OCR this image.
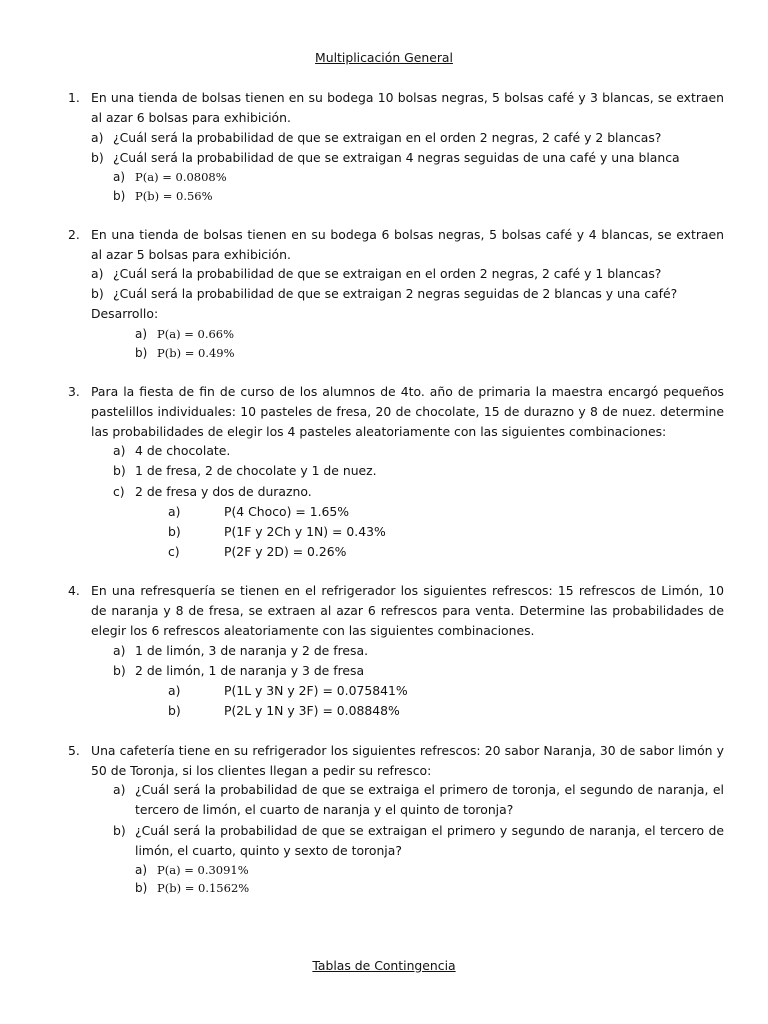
Multiplicación General
1. En una tienda de bolsas tienen en su bodega 10 bolsas negras, 5 bolsas café y 3 blancas, se extraen al azar 6 bolsas para exhibición.
a) ¿Cuál será la probabilidad de que se extraigan en el orden 2 negras, 2 café y 2 blancas?
b) ¿Cuál será la probabilidad de que se extraigan 4 negras seguidas de una café y una blanca
a) P(a) = 0.0808%
b) P(b) = 0.56%
2. En una tienda de bolsas tienen en su bodega 6 bolsas negras, 5 bolsas café y 4 blancas, se extraen al azar 5 bolsas para exhibición.
a) ¿Cuál será la probabilidad de que se extraigan en el orden 2 negras, 2 café y 1 blancas?
b) ¿Cuál será la probabilidad de que se extraigan 2 negras seguidas de 2 blancas y una café?
Desarrollo:
a) P(a) = 0.66%
b) P(b) = 0.49%
3. Para la fiesta de fin de curso de los alumnos de 4to. año de primaria la maestra encargó pequeños pastelillos individuales: 10 pasteles de fresa, 20 de chocolate, 15 de durazno y 8 de nuez. determine las probabilidades de elegir los 4 pasteles aleatoriamente con las siguientes combinaciones:
a) 4 de chocolate.
b) 1 de fresa, 2 de chocolate y 1 de nuez.
c) 2 de fresa y dos de durazno.
a)	P(4 Choco) = 1.65%
b)	P(1F y 2Ch y 1N) = 0.43%
c)	P(2F y 2D) = 0.26%
4. En una refresquería se tienen en el refrigerador los siguientes refrescos: 15 refrescos de Limón, 10 de naranja y 8 de fresa, se extraen al azar 6 refrescos para venta. Determine las probabilidades de elegir los 6 refrescos aleatoriamente con las siguientes combinaciones.
a) 1 de limón, 3 de naranja y 2 de fresa.
b) 2 de limón, 1 de naranja y 3 de fresa
a)	P(1L y 3N y 2F) = 0.075841%
b)	P(2L y 1N y 3F) = 0.08848%
5. Una cafetería tiene en su refrigerador los siguientes refrescos: 20 sabor Naranja, 30 de sabor limón y 50 de Toronja, si los clientes llegan a pedir su refresco:
a) ¿Cuál será la probabilidad de que se extraiga el primero de toronja, el segundo de naranja, el tercero de limón, el cuarto de naranja y el quinto de toronja?
b) ¿Cuál será la probabilidad de que se extraigan el primero y segundo de naranja, el tercero de limón, el cuarto, quinto y sexto de toronja?
a) P(a) = 0.3091%
b) P(b) = 0.1562%
Tablas de Contingencia
